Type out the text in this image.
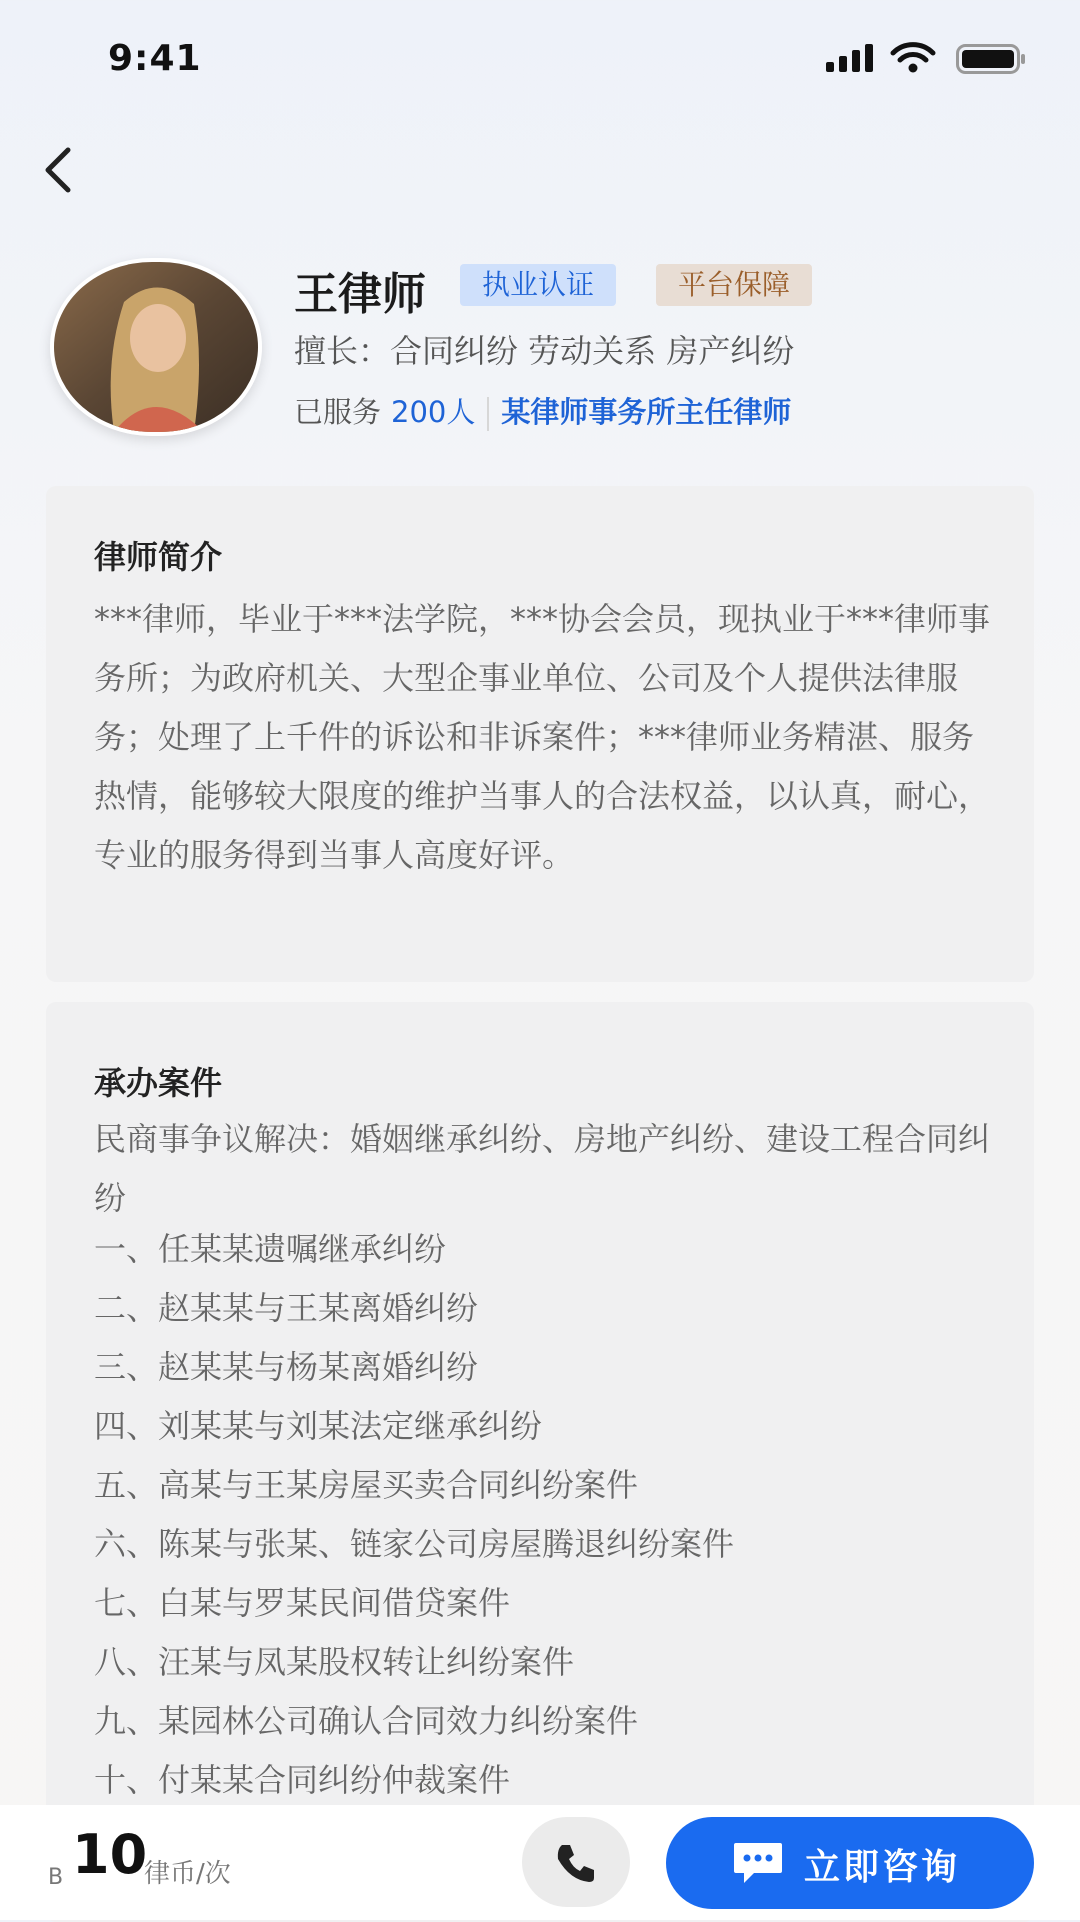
9:41
王律师	执业认证	平台保障
擅长：合同纠纷 劳动关系 房产纠纷
已服务 200人 某律师事务所主任律师
律师简介
***律师，毕业于***法学院，***协会会员，现执业于***律师事务所；为政府机关、大型企事业单位、公司及个人提供法律服务；处理了上千件的诉讼和非诉案件；***律师业务精湛、服务热情，能够较大限度的维护当事人的合法权益，以认真，耐心，专业的服务得到当事人高度好评。
承办案件
民商事争议解决：婚姻继承纠纷、房地产纠纷、建设工程合同纠纷
一、任某某遗嘱继承纠纷
二、赵某某与王某离婚纠纷
三、赵某某与杨某离婚纠纷
四、刘某某与刘某法定继承纠纷
五、高某与王某房屋买卖合同纠纷案件
六、陈某与张某、链家公司房屋腾退纠纷案件
七、白某与罗某民间借贷案件
八、汪某与凤某股权转让纠纷案件
九、某园林公司确认合同效力纠纷案件
十、付某某合同纠纷仲裁案件
B 10
律币/次	立即咨询
